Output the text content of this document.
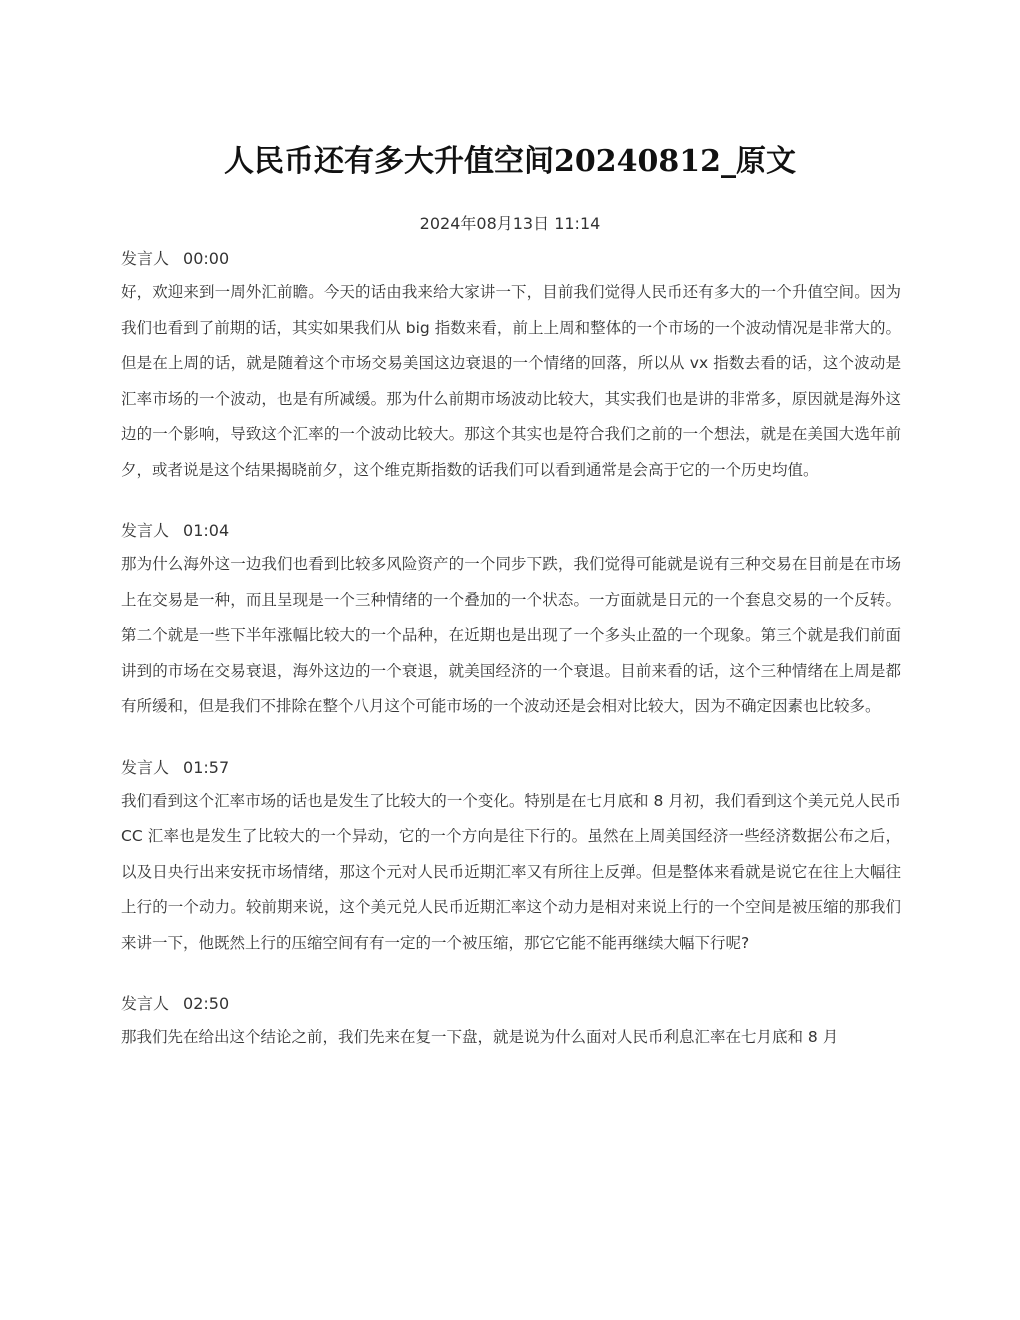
人民币还有多大升值空间20240812_原文
2024年08月13日 11:14
发言人 00:00

好，欢迎来到一周外汇前瞻。今天的话由我来给大家讲一下，目前我们觉得人民币还有多大的一个升值空间。因为我们也看到了前期的话，其实如果我们从 big 指数来看，前上上周和整体的一个市场的一个波动情况是非常大的。但是在上周的话，就是随着这个市场交易美国这边衰退的一个情绪的回落，所以从 vx 指数去看的话，这个波动是汇率市场的一个波动，也是有所减缓。那为什么前期市场波动比较大，其实我们也是讲的非常多，原因就是海外这边的一个影响，导致这个汇率的一个波动比较大。那这个其实也是符合我们之前的一个想法，就是在美国大选年前夕，或者说是这个结果揭晓前夕，这个维克斯指数的话我们可以看到通常是会高于它的一个历史均值。

发言人 01:04

那为什么海外这一边我们也看到比较多风险资产的一个同步下跌，我们觉得可能就是说有三种交易在目前是在市场上在交易是一种，而且呈现是一个三种情绪的一个叠加的一个状态。一方面就是日元的一个套息交易的一个反转。第二个就是一些下半年涨幅比较大的一个品种，在近期也是出现了一个多头止盈的一个现象。第三个就是我们前面讲到的市场在交易衰退，海外这边的一个衰退，就美国经济的一个衰退。目前来看的话，这个三种情绪在上周是都有所缓和，但是我们不排除在整个八月这个可能市场的一个波动还是会相对比较大，因为不确定因素也比较多。

发言人 01:57

我们看到这个汇率市场的话也是发生了比较大的一个变化。特别是在七月底和 8 月初，我们看到这个美元兑人民币 CC 汇率也是发生了比较大的一个异动，它的一个方向是往下行的。虽然在上周美国经济一些经济数据公布之后，以及日央行出来安抚市场情绪，那这个元对人民币近期汇率又有所往上反弹。但是整体来看就是说它在往上大幅往上行的一个动力。较前期来说，这个美元兑人民币近期汇率这个动力是相对来说上行的一个空间是被压缩的那我们来讲一下，他既然上行的压缩空间有有一定的一个被压缩，那它它能不能再继续大幅下行呢?

发言人 02:50

那我们先在给出这个结论之前，我们先来在复一下盘，就是说为什么面对人民币利息汇率在七月底和 8 月
